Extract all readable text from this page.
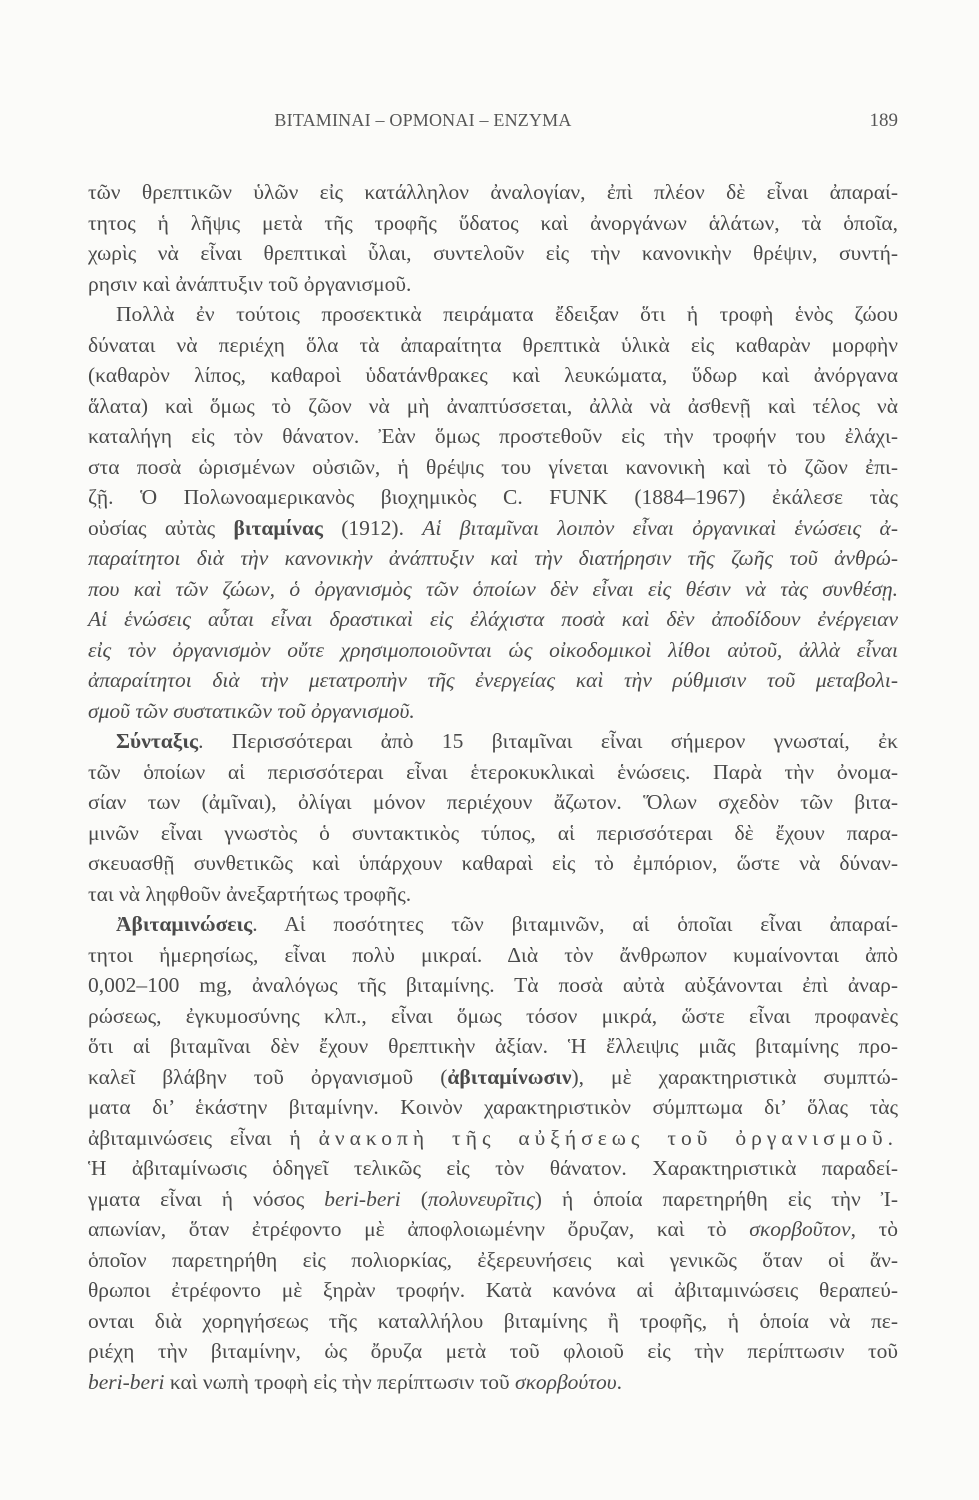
BITAMINAI – OPMONAI – ENZYMA	189
τῶν θρεπτικῶν ὑλῶν εἰς κατάλληλον ἀναλογίαν, ἐπὶ πλέον δὲ εἶναι ἀπαραί-
τητος ἡ λῆψις μετὰ τῆς τροφῆς ὕδατος καὶ ἀνοργάνων ἁλάτων, τὰ ὁποῖα,
χωρὶς νὰ εἶναι θρεπτικαὶ ὗλαι, συντελοῦν εἰς τὴν κανονικὴν θρέψιν, συντή-
ρησιν καὶ ἀνάπτυξιν τοῦ ὀργανισμοῦ.
Πολλὰ ἐν τούτοις προσεκτικὰ πειράματα ἔδειξαν ὅτι ἡ τροφὴ ἑνὸς ζώου
δύναται νὰ περιέχη ὅλα τὰ ἀπαραίτητα θρεπτικὰ ὑλικὰ εἰς καθαρὰν μορφὴν
(καθαρὸν λίπος, καθαροὶ ὑδατάνθρακες καὶ λευκώματα, ὕδωρ καὶ ἀνόργανα
ἅλατα) καὶ ὅμως τὸ ζῶον νὰ μὴ ἀναπτύσσεται, ἀλλὰ νὰ ἀσθενῇ καὶ τέλος νὰ
καταλήγη εἰς τὸν θάνατον. Ἐὰν ὅμως προστεθοῦν εἰς τὴν τροφήν του ἐλάχι-
στα ποσὰ ὡρισμένων οὐσιῶν, ἡ θρέψις του γίνεται κανονικὴ καὶ τὸ ζῶον ἐπι-
ζῇ. Ὁ Πολωνοαμερικανὸς βιοχημικὸς C. FUNK (1884–1967) ἐκάλεσε τὰς
οὐσίας αὐτὰς βιταμίνας (1912). Αἱ βιταμῖναι λοιπὸν εἶναι ὀργανικαὶ ἑνώσεις ἀ-
παραίτητοι διὰ τὴν κανονικὴν ἀνάπτυξιν καὶ τὴν διατήρησιν τῆς ζωῆς τοῦ ἀνθρώ-
που καὶ τῶν ζώων, ὁ ὀργανισμὸς τῶν ὁποίων δὲν εἶναι εἰς θέσιν νὰ τὰς συνθέσῃ.
Αἱ ἑνώσεις αὗται εἶναι δραστικαὶ εἰς ἐλάχιστα ποσὰ καὶ δὲν ἀποδίδουν ἐνέργειαν
εἰς τὸν ὀργανισμὸν οὔτε χρησιμοποιοῦνται ὡς οἰκοδομικοὶ λίθοι αὐτοῦ, ἀλλὰ εἶναι
ἀπαραίτητοι διὰ τὴν μετατροπὴν τῆς ἐνεργείας καὶ τὴν ρύθμισιν τοῦ μεταβολι-
σμοῦ τῶν συστατικῶν τοῦ ὀργανισμοῦ.
Σύνταξις. Περισσότεραι ἀπὸ 15 βιταμῖναι εἶναι σήμερον γνωσταί, ἐκ
τῶν ὁποίων αἱ περισσότεραι εἶναι ἑτεροκυκλικαὶ ἑνώσεις. Παρὰ τὴν ὀνομα-
σίαν των (ἀμῖναι), ὀλίγαι μόνον περιέχουν ἄζωτον. Ὅλων σχεδὸν τῶν βιτα-
μινῶν εἶναι γνωστὸς ὁ συντακτικὸς τύπος, αἱ περισσότεραι δὲ ἔχουν παρα-
σκευασθῇ συνθετικῶς καὶ ὑπάρχουν καθαραὶ εἰς τὸ ἐμπόριον, ὥστε νὰ δύναν-
ται νὰ ληφθοῦν ἀνεξαρτήτως τροφῆς.
Ἀβιταμινώσεις. Αἱ ποσότητες τῶν βιταμινῶν, αἱ ὁποῖαι εἶναι ἀπαραί-
τητοι ἡμερησίως, εἶναι πολὺ μικραί. Διὰ τὸν ἄνθρωπον κυμαίνονται ἀπὸ
0,002–100 mg, ἀναλόγως τῆς βιταμίνης. Τὰ ποσὰ αὐτὰ αὐξάνονται ἐπὶ ἀναρ-
ρώσεως, ἐγκυμοσύνης κλπ., εἶναι ὅμως τόσον μικρά, ὥστε εἶναι προφανὲς
ὅτι αἱ βιταμῖναι δὲν ἔχουν θρεπτικὴν ἀξίαν. Ἡ ἔλλειψις μιᾶς βιταμίνης προ-
καλεῖ βλάβην τοῦ ὀργανισμοῦ (ἀβιταμίνωσιν), μὲ χαρακτηριστικὰ συμπτώ-
ματα δι’ ἑκάστην βιταμίνην. Κοινὸν χαρακτηριστικὸν σύμπτωμα δι’ ὅλας τὰς
ἀβιταμινώσεις εἶναι ἡ ἀνακοπὴ τῆς αὐξήσεως τοῦ ὀργανισμοῦ.
Ἡ ἀβιταμίνωσις ὁδηγεῖ τελικῶς εἰς τὸν θάνατον. Χαρακτηριστικὰ παραδεί-
γματα εἶναι ἡ νόσος beri-beri (πολυνευρῖτις) ἡ ὁποία παρετηρήθη εἰς τὴν Ἰ-
απωνίαν, ὅταν ἐτρέφοντο μὲ ἀποφλοιωμένην ὄρυζαν, καὶ τὸ σκορβοῦτον, τὸ
ὁποῖον παρετηρήθη εἰς πολιορκίας, ἐξερευνήσεις καὶ γενικῶς ὅταν οἱ ἄν-
θρωποι ἐτρέφοντο μὲ ξηρὰν τροφήν. Κατὰ κανόνα αἱ ἀβιταμινώσεις θεραπεύ-
ονται διὰ χορηγήσεως τῆς καταλλήλου βιταμίνης ἢ τροφῆς, ἡ ὁποία νὰ πε-
ριέχη τὴν βιταμίνην, ὡς ὄρυζα μετὰ τοῦ φλοιοῦ εἰς τὴν περίπτωσιν τοῦ
beri-beri καὶ νωπὴ τροφὴ εἰς τὴν περίπτωσιν τοῦ σκορβούτου.
